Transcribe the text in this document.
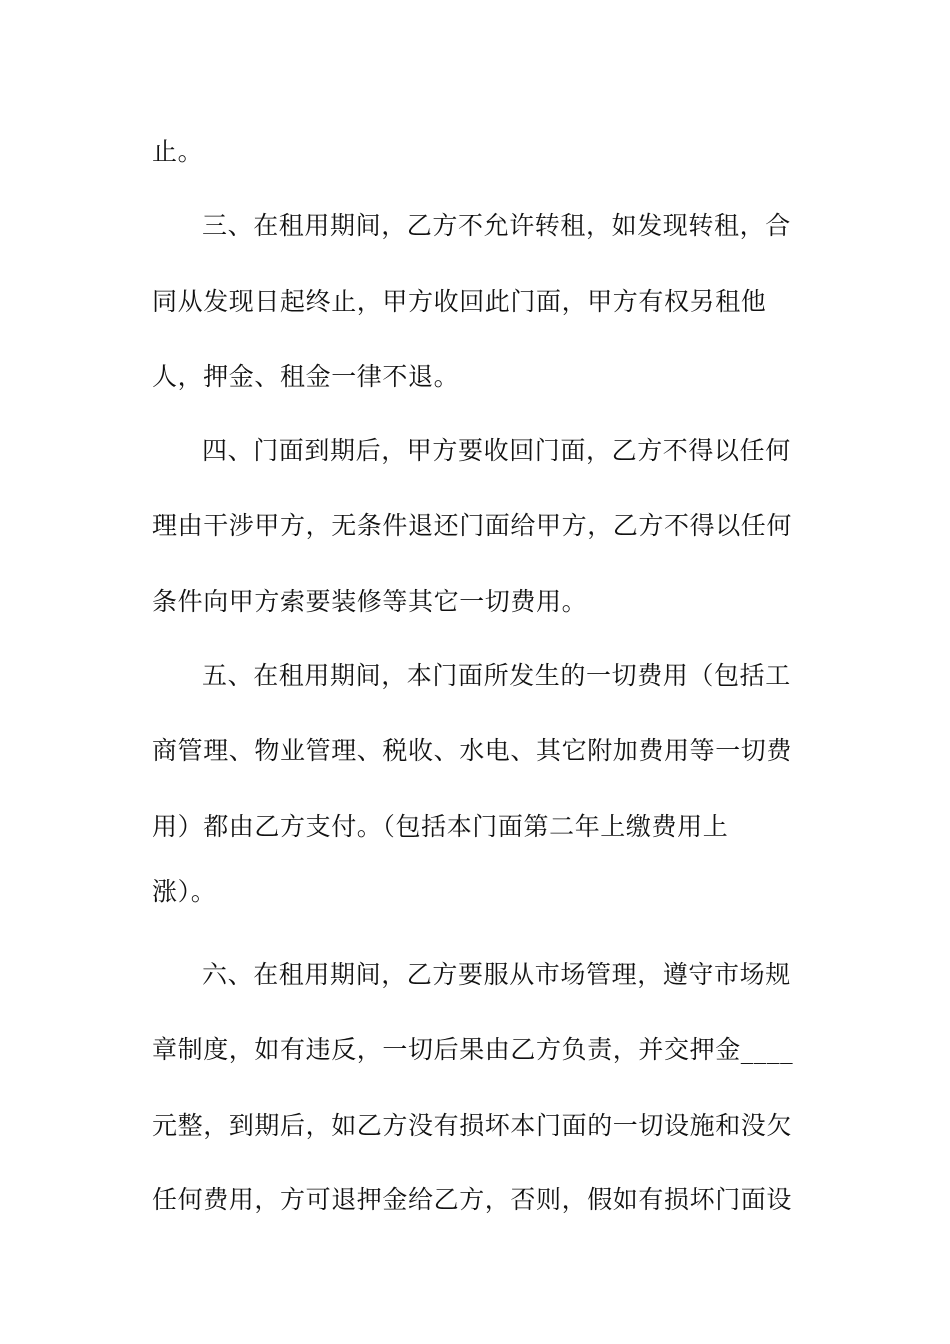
止。
三、在租用期间，乙方不允许转租，如发现转租，合
同从发现日起终止，甲方收回此门面，甲方有权另租他
人，押金、租金一律不退。
四、门面到期后，甲方要收回门面，乙方不得以任何
理由干涉甲方，无条件退还门面给甲方，乙方不得以任何
条件向甲方索要装修等其它一切费用。
五、在租用期间，本门面所发生的一切费用（包括工
商管理、物业管理、税收、水电、其它附加费用等一切费
用）都由乙方支付。（包括本门面第二年上缴费用上
涨）。
六、在租用期间，乙方要服从市场管理，遵守市场规
章制度，如有违反，一切后果由乙方负责，并交押金____
元整，到期后，如乙方没有损坏本门面的一切设施和没欠
任何费用，方可退押金给乙方，否则，假如有损坏门面设
